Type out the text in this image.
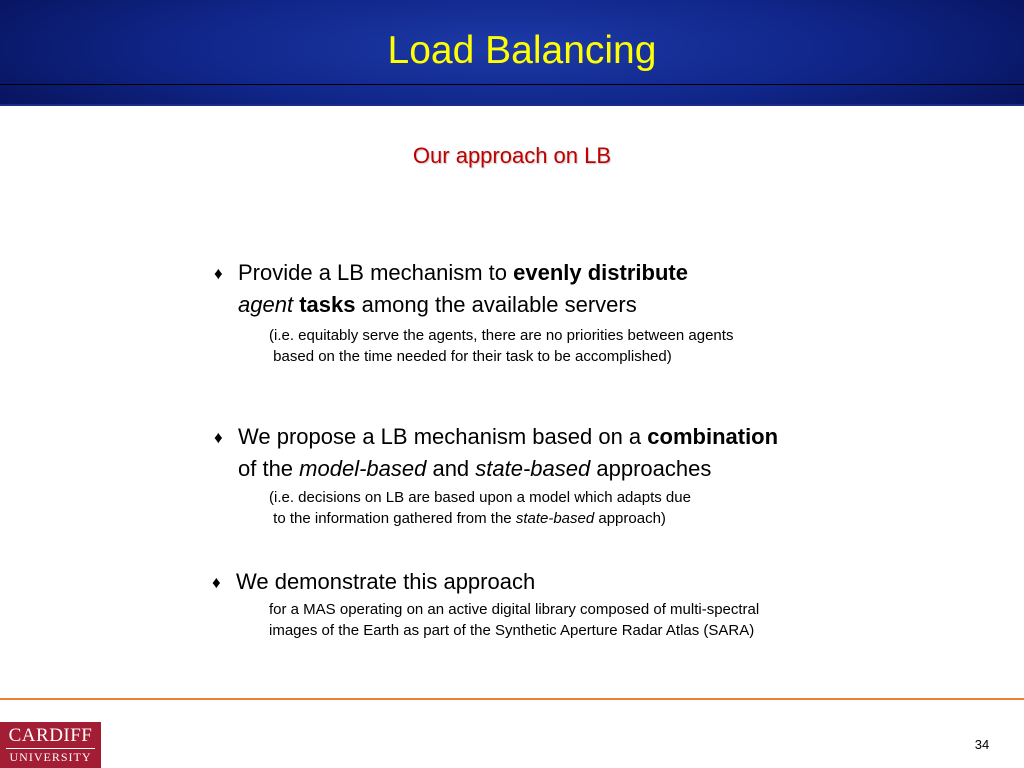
Load Balancing
Our approach on LB
♦ Provide a LB mechanism to evenly distribute
agent tasks among the available servers
(i.e. equitably serve the agents, there are no priorities between agents
based on the time needed for their task to be accomplished)
♦ We propose a LB mechanism based on a combination
of the model-based and state-based approaches
(i.e. decisions on LB are based upon a model which adapts due
to the information gathered from the state-based approach)
♦ We demonstrate this approach
for a MAS operating on an active digital library composed of multi-spectral
images of the Earth as part of the Synthetic Aperture Radar Atlas (SARA)
CARDIFF
UNIVERSITY
34
